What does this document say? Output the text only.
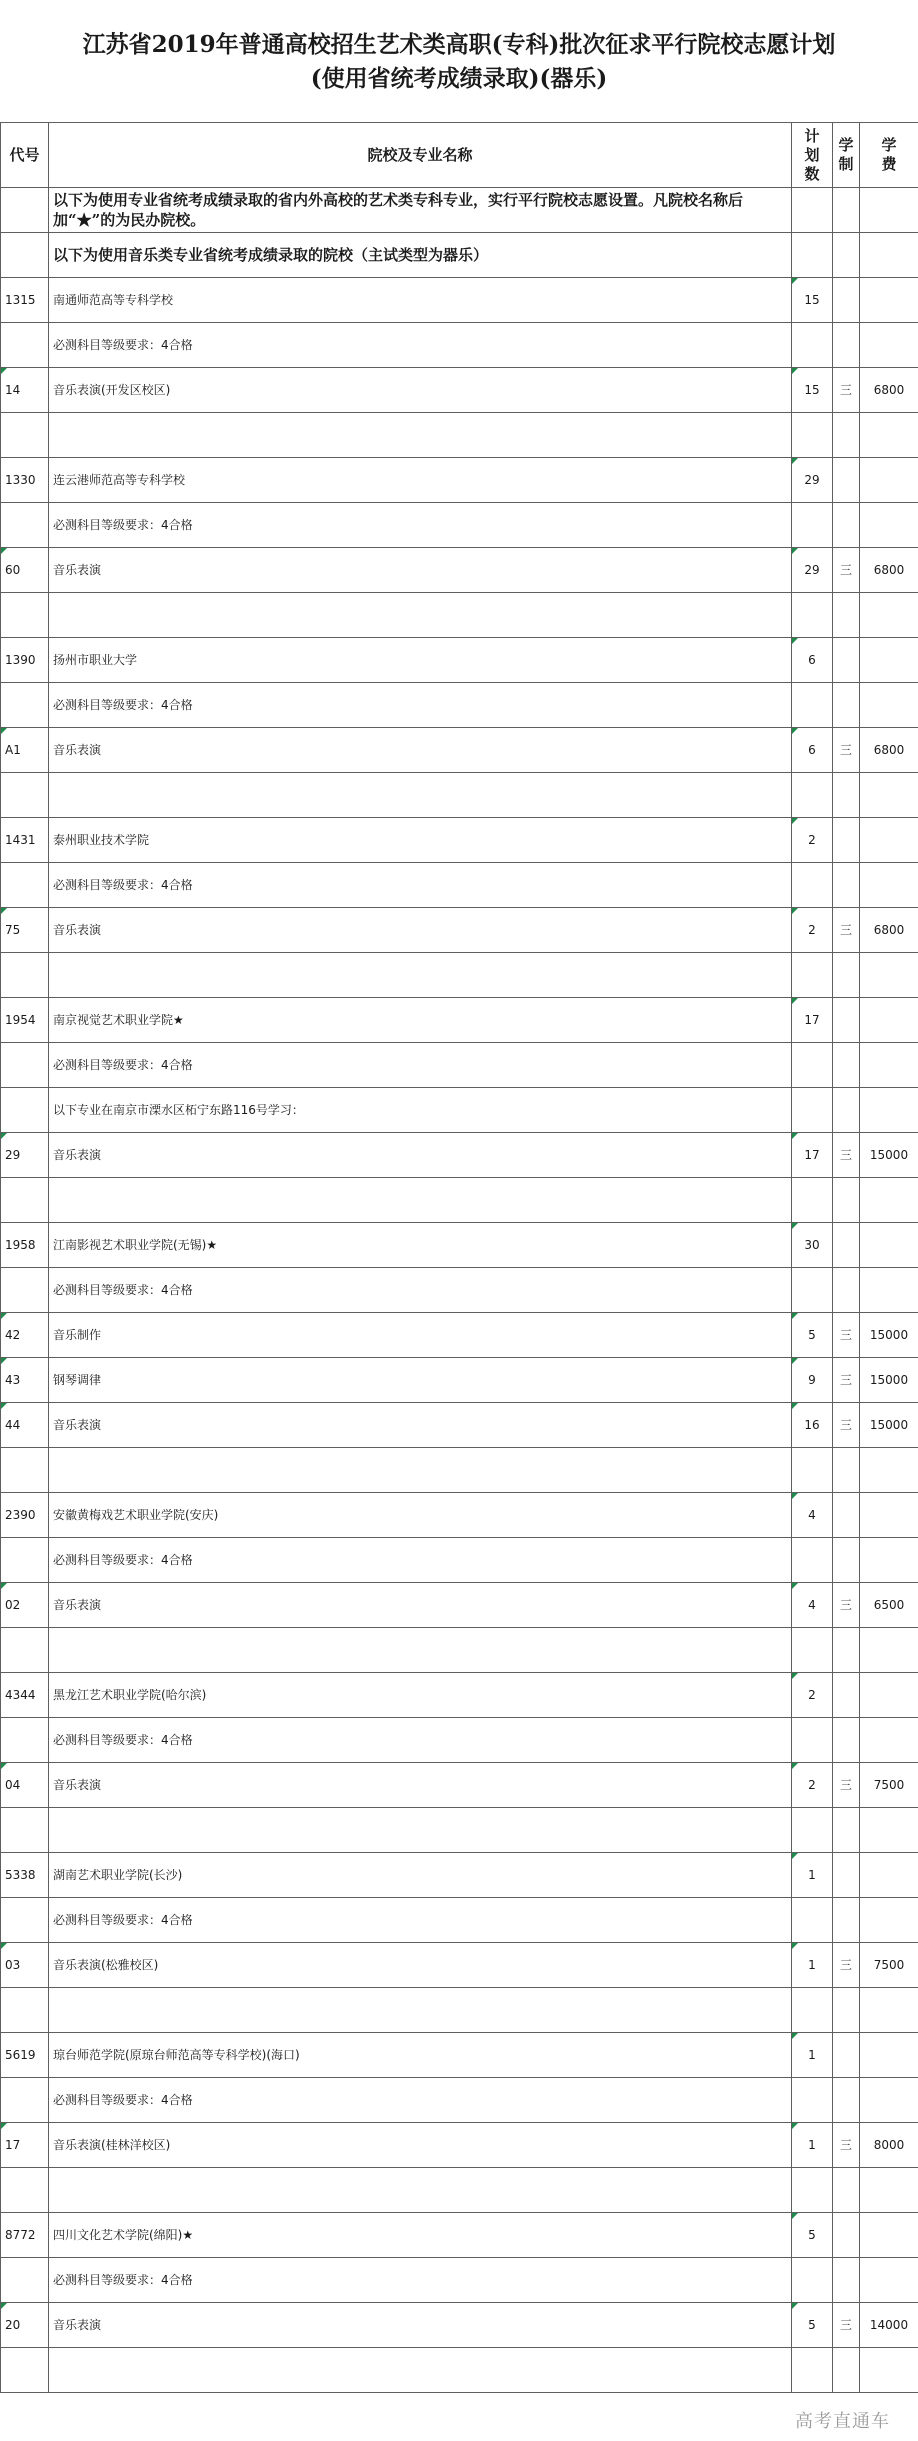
江苏省2019年普通高校招生艺术类高职(专科)批次征求平行院校志愿计划
(使用省统考成绩录取)(器乐)
代号	院校及专业名称	计划数	学制	学费
	以下为使用专业省统考成绩录取的省内外高校的艺术类专科专业，实行平行院校志愿设置。凡院校名称后加“★”的为民办院校。			
	以下为使用音乐类专业省统考成绩录取的院校（主试类型为器乐）			
1315	南通师范高等专科学校	15		
	必测科目等级要求：4合格			
14	音乐表演(开发区校区)	15	三	6800

1330	连云港师范高等专科学校	29		
	必测科目等级要求：4合格			
60	音乐表演	29	三	6800

1390	扬州市职业大学	6		
	必测科目等级要求：4合格			
A1	音乐表演	6	三	6800

1431	泰州职业技术学院	2		
	必测科目等级要求：4合格			
75	音乐表演	2	三	6800

1954	南京视觉艺术职业学院★	17		
	必测科目等级要求：4合格			
	以下专业在南京市溧水区柘宁东路116号学习：			
29	音乐表演	17	三	15000

1958	江南影视艺术职业学院(无锡)★	30		
	必测科目等级要求：4合格			
42	音乐制作	5	三	15000
43	钢琴调律	9	三	15000
44	音乐表演	16	三	15000

2390	安徽黄梅戏艺术职业学院(安庆)	4		
	必测科目等级要求：4合格			
02	音乐表演	4	三	6500

4344	黑龙江艺术职业学院(哈尔滨)	2		
	必测科目等级要求：4合格			
04	音乐表演	2	三	7500

5338	湖南艺术职业学院(长沙)	1		
	必测科目等级要求：4合格			
03	音乐表演(松雅校区)	1	三	7500

5619	琼台师范学院(原琼台师范高等专科学校)(海口)	1		
	必测科目等级要求：4合格			
17	音乐表演(桂林洋校区)	1	三	8000

8772	四川文化艺术学院(绵阳)★	5		
	必测科目等级要求：4合格			
20	音乐表演	5	三	14000

高考直通车
